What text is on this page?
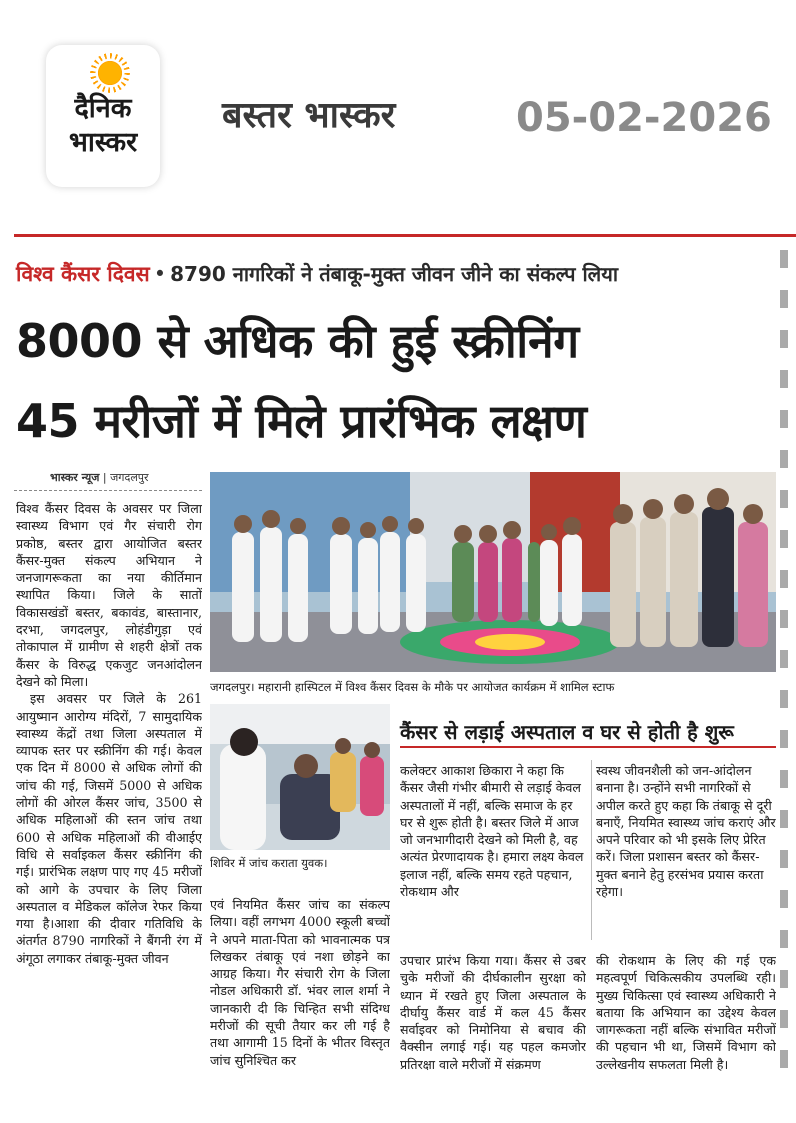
दैनिक
भास्कर
बस्तर भास्कर	05-02-2026
विश्व कैंसर दिवस • 8790 नागरिकों ने तंबाकू-मुक्त जीवन जीने का संकल्प लिया
8000 से अधिक की हुई स्क्रीनिंग
45 मरीजों में मिले प्रारंभिक लक्षण
भास्कर न्यूज | जगदलपुर

विश्व कैंसर दिवस के अवसर पर जिला स्वास्थ्य विभाग एवं गैर संचारी रोग प्रकोष्ठ, बस्तर द्वारा आयोजित बस्तर कैंसर-मुक्त संकल्प अभियान ने जनजागरूकता का नया कीर्तिमान स्थापित किया। जिले के सातों विकासखंडों बस्तर, बकावंड, बास्तानार, दरभा, जगदलपुर, लोहंडीगुड़ा एवं तोकापाल में ग्रामीण से शहरी क्षेत्रों तक कैंसर के विरुद्ध एकजुट जनआंदोलन देखने को मिला।

इस अवसर पर जिले के 261 आयुष्मान आरोग्य मंदिरों, 7 सामुदायिक स्वास्थ्य केंद्रों तथा जिला अस्पताल में व्यापक स्तर पर स्क्रीनिंग की गई। केवल एक दिन में 8000 से अधिक लोगों की जांच की गई, जिसमें 5000 से अधिक लोगों की ओरल कैंसर जांच, 3500 से अधिक महिलाओं की स्तन जांच तथा 600 से अधिक महिलाओं की वीआईए विधि से सर्वाइकल कैंसर स्क्रीनिंग की गई। प्रारंभिक लक्षण पाए गए 45 मरीजों को आगे के उपचार के लिए जिला अस्पताल व मेडिकल कॉलेज रेफर किया गया है।आशा की दीवार गतिविधि के अंतर्गत 8790 नागरिकों ने बैंगनी रंग में अंगूठा लगाकर तंबाकू-मुक्त जीवन

जगदलपुर। महारानी हास्पिटल में विश्व कैंसर दिवस के मौके पर आयोजत कार्यक्रम में शामिल स्टाफ
शिविर में जांच कराता युवक।
कैंसर से लड़ाई अस्पताल व घर से होती है शुरू
कलेक्टर आकाश छिकारा ने कहा कि कैंसर जैसी गंभीर बीमारी से लड़ाई केवल अस्पतालों में नहीं, बल्कि समाज के हर घर से शुरू होती है। बस्तर जिले में आज जो जनभागीदारी देखने को मिली है, वह अत्यंत प्रेरणादायक है। हमारा लक्ष्य केवल इलाज नहीं, बल्कि समय रहते पहचान, रोकथाम और
स्वस्थ जीवनशैली को जन-आंदोलन बनाना है। उन्होंने सभी नागरिकों से अपील करते हुए कहा कि तंबाकू से दूरी बनाएँ, नियमित स्वास्थ्य जांच कराएं और अपने परिवार को भी इसके लिए प्रेरित करें। जिला प्रशासन बस्तर को कैंसर-मुक्त बनाने हेतु हरसंभव प्रयास करता रहेगा।
एवं नियमित कैंसर जांच का संकल्प लिया। वहीं लगभग 4000 स्कूली बच्चों ने अपने माता-पिता को भावनात्मक पत्र लिखकर तंबाकू एवं नशा छोड़ने का आग्रह किया। गैर संचारी रोग के जिला नोडल अधिकारी डॉ. भंवर लाल शर्मा ने जानकारी दी कि चिन्हित सभी संदिग्ध मरीजों की सूची तैयार कर ली गई है तथा आगामी 15 दिनों के भीतर विस्तृत जांच सुनिश्चित कर
उपचार प्रारंभ किया गया। कैंसर से उबर चुके मरीजों की दीर्घकालीन सुरक्षा को ध्यान में रखते हुए जिला अस्पताल के दीर्घायु कैंसर वार्ड में कल 45 कैंसर सर्वाइवर को निमोनिया से बचाव की वैक्सीन लगाई गई। यह पहल कमजोर प्रतिरक्षा वाले मरीजों में संक्रमण
की रोकथाम के लिए की गई एक महत्वपूर्ण चिकित्सकीय उपलब्धि रही। मुख्य चिकित्सा एवं स्वास्थ्य अधिकारी ने बताया कि अभियान का उद्देश्य केवल जागरूकता नहीं बल्कि संभावित मरीजों की पहचान भी था, जिसमें विभाग को उल्लेखनीय सफलता मिली है।
